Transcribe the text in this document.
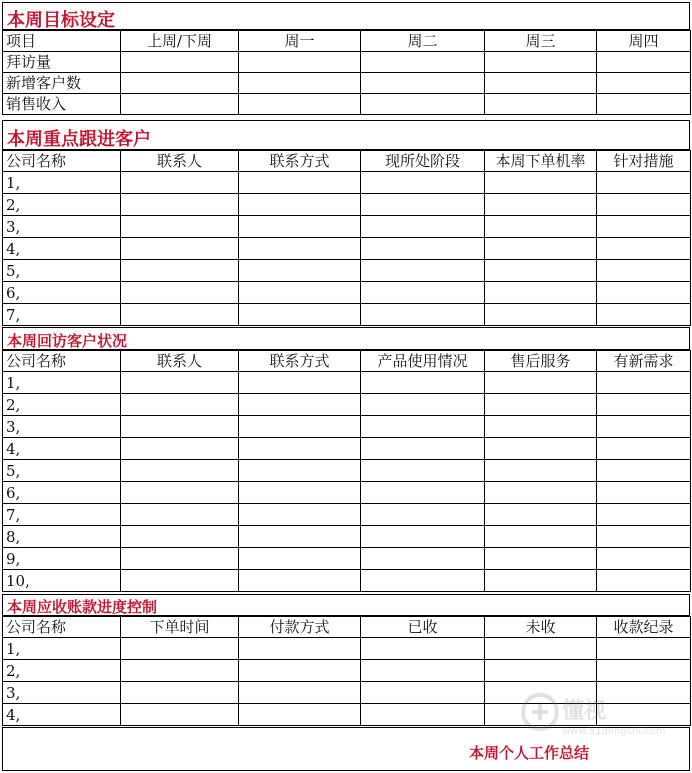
本周目标设定
项目	上周/下周	周一	周二	周三	周四
拜访量					
新增客户数					
销售收入					
本周重点跟进客户
公司名称	联系人	联系方式	现所处阶段	本周下单机率	针对措施
1,					
2,					
3,					
4,					
5,					
6,					
7,					
本周回访客户状况
公司名称	联系人	联系方式	产品使用情况	售后服务	有新需求
1,					
2,					
3,					
4,					
5,					
6,					
7,					
8,					
9,					
10,					
本周应收账款进度控制
公司名称	下单时间	付款方式	已收	未收	收款纪录
1,					
2,					
3,					
4,					
本周个人工作总结
懂视
www.51dongshi.com
